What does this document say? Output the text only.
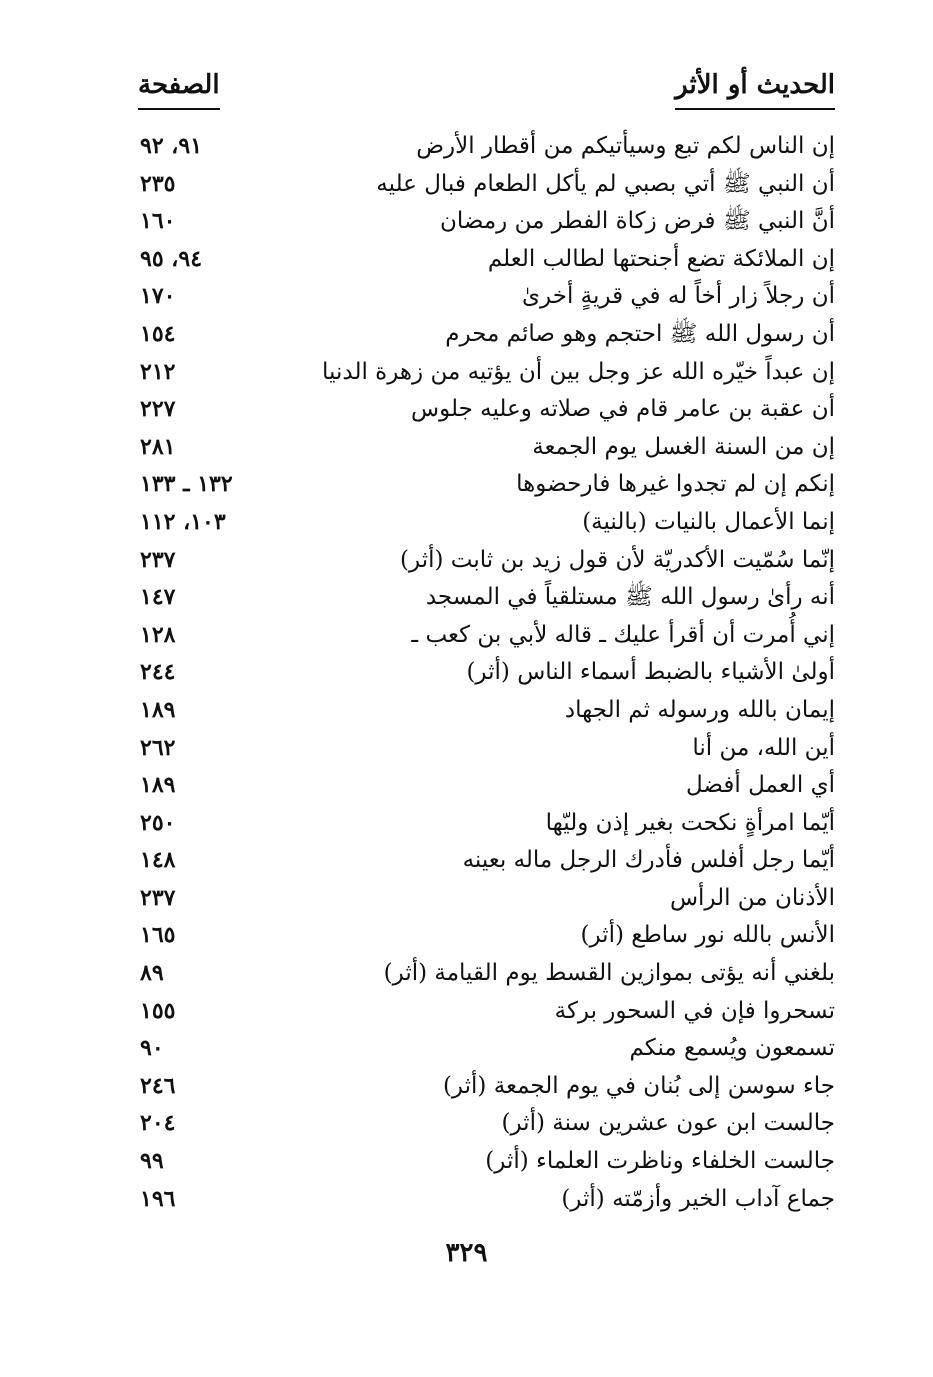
الحديث أو الأثر
الصفحة
إن الناس لكم تبع وسيأتيكم من أقطار الأرض
٩١، ٩٢
أن النبي ﷺ أتي بصبي لم يأكل الطعام فبال عليه
٢٣٥
أنَّ النبي ﷺ فرض زكاة الفطر من رمضان
١٦٠
إن الملائكة تضع أجنحتها لطالب العلم
٩٤، ٩٥
أن رجلاً زار أخاً له في قريةٍ أخرىٰ
١٧٠
أن رسول الله ﷺ احتجم وهو صائم محرم
١٥٤
إن عبداً خيّره الله عز وجل بين أن يؤتيه من زهرة الدنيا
٢١٢
أن عقبة بن عامر قام في صلاته وعليه جلوس
٢٢٧
إن من السنة الغسل يوم الجمعة
٢٨١
إنكم إن لم تجدوا غيرها فارحضوها
١٣٢ ـ ١٣٣
إنما الأعمال بالنيات (بالنية)
١٠٣، ١١٢
إنّما سُمّيت الأكدريّة لأن قول زيد بن ثابت (أثر)
٢٣٧
أنه رأىٰ رسول الله ﷺ مستلقياً في المسجد
١٤٧
إني أُمرت أن أقرأ عليك ـ قاله لأبي بن كعب ـ
١٢٨
أولىٰ الأشياء بالضبط أسماء الناس (أثر)
٢٤٤
إيمان بالله ورسوله ثم الجهاد
١٨٩
أين الله، من أنا
٢٦٢
أي العمل أفضل
١٨٩
أيّما امرأةٍ نكحت بغير إذن وليّها
٢٥٠
أيّما رجل أفلس فأدرك الرجل ماله بعينه
١٤٨
الأذنان من الرأس
٢٣٧
الأنس بالله نور ساطع (أثر)
١٦٥
بلغني أنه يؤتى بموازين القسط يوم القيامة (أثر)
٨٩
تسحروا فإن في السحور بركة
١٥٥
تسمعون ويُسمع منكم
٩٠
جاء سوسن إلى بُنان في يوم الجمعة (أثر)
٢٤٦
جالست ابن عون عشرين سنة (أثر)
٢٠٤
جالست الخلفاء وناظرت العلماء (أثر)
٩٩
جماع آداب الخير وأزمّته (أثر)
١٩٦
٣٢٩
